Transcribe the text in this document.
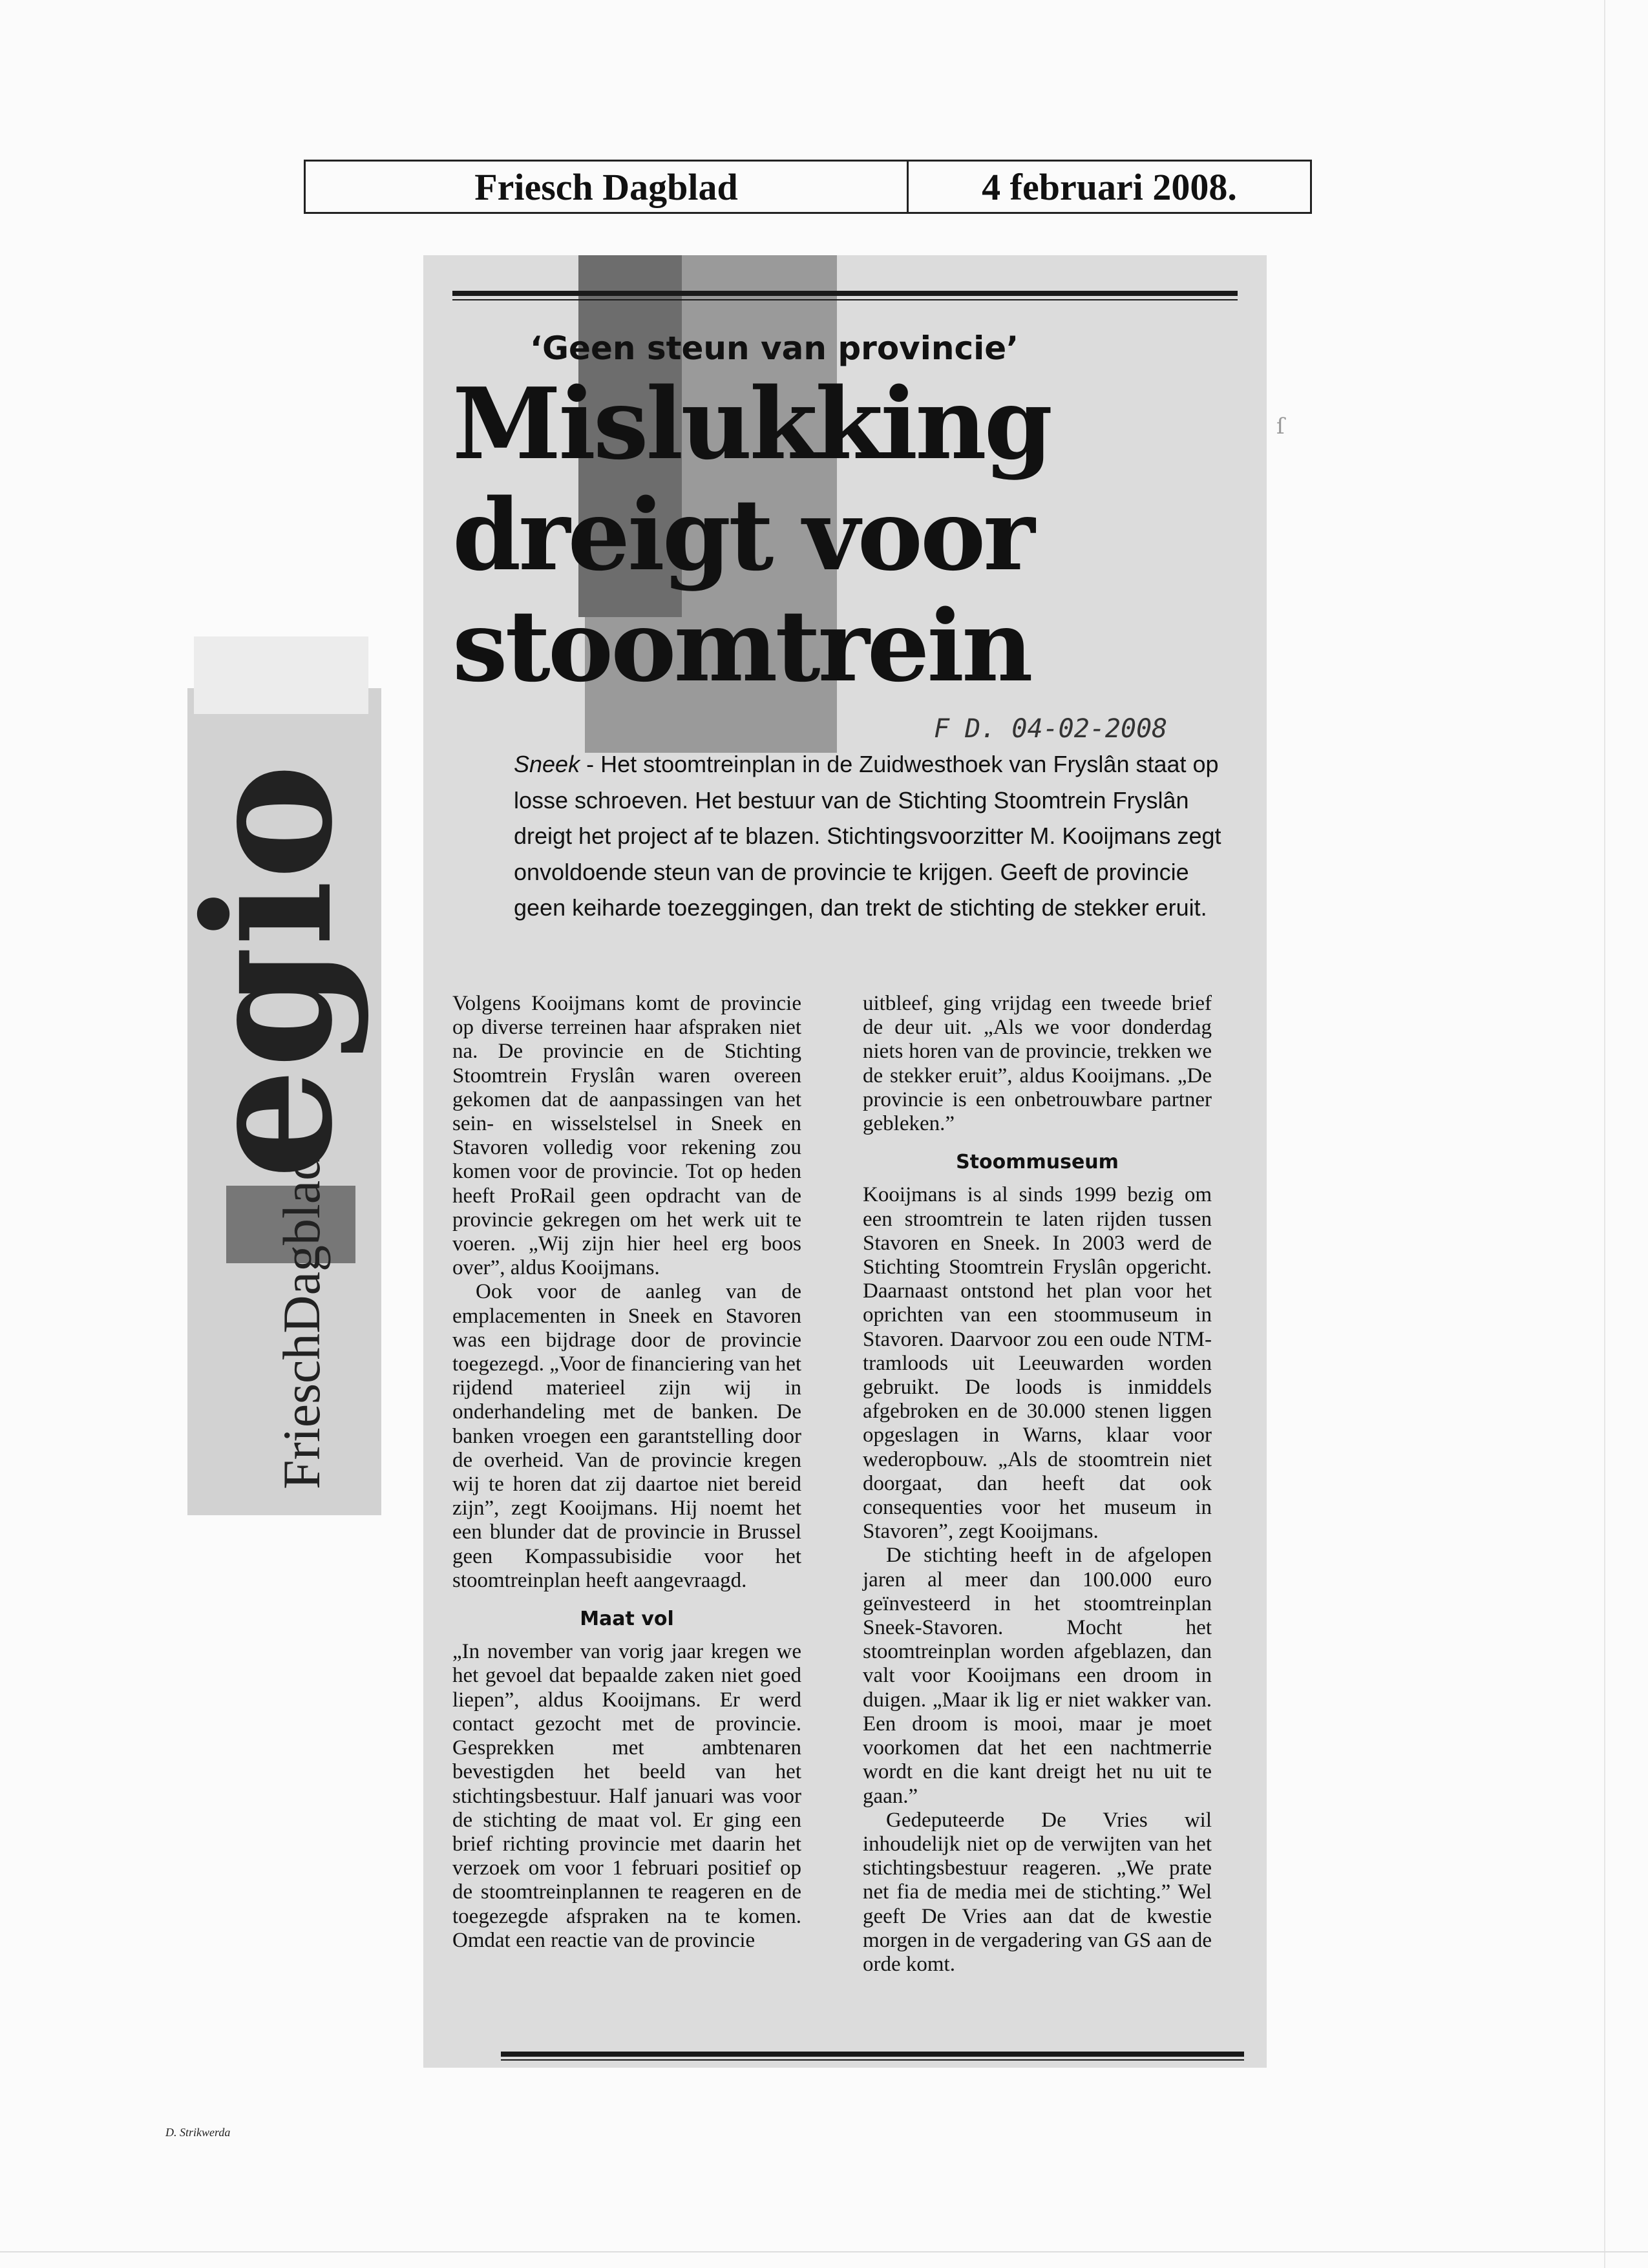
Friesch Dagblad	4 februari 2008.
FrieschDagblad
egio
‘Geen steun van provincie’
Mislukking
dreigt voor
stoomtrein
F D. 04-02-2008
Sneek - Het stoomtreinplan in de Zuidwesthoek van Fryslân staat op losse schroeven. Het bestuur van de Stichting Stoomtrein Fryslân dreigt het project af te blazen. Stichtingsvoorzitter M. Kooijmans zegt onvoldoende steun van de provincie te krijgen. Geeft de provincie geen keiharde toezeggingen, dan trekt de stichting de stekker eruit.

Volgens Kooijmans komt de provincie op diverse terreinen haar afspraken niet na. De provincie en de Stichting Stoomtrein Fryslân waren overeen gekomen dat de aanpassingen van het sein- en wisselstelsel in Sneek en Stavoren volledig voor rekening zou komen voor de provincie. Tot op heden heeft ProRail geen opdracht van de provincie gekregen om het werk uit te voeren. „Wij zijn hier heel erg boos over”, aldus Kooijmans.

Ook voor de aanleg van de emplacementen in Sneek en Stavoren was een bijdrage door de provincie toegezegd. „Voor de financiering van het rijdend materieel zijn wij in onderhandeling met de banken. De banken vroegen een garantstelling door de overheid. Van de provincie kregen wij te horen dat zij daartoe niet bereid zijn”, zegt Kooijmans. Hij noemt het een blunder dat de provincie in Brussel geen Kompassubisidie voor het stoomtreinplan heeft aangevraagd.

Maat vol

„In november van vorig jaar kregen we het gevoel dat bepaalde zaken niet goed liepen”, aldus Kooijmans. Er werd contact gezocht met de provincie. Gesprekken met ambtenaren bevestigden het beeld van het stichtingsbestuur. Half januari was voor de stichting de maat vol. Er ging een brief richting provincie met daarin het verzoek om voor 1 februari positief op de stoomtreinplannen te reageren en de toegezegde afspraken na te komen. Omdat een reactie van de provincie

uitbleef, ging vrijdag een tweede brief de deur uit. „Als we voor donderdag niets horen van de provincie, trekken we de stekker eruit”, aldus Kooijmans. „De provincie is een onbetrouwbare partner gebleken.”

Stoommuseum

Kooijmans is al sinds 1999 bezig om een stroomtrein te laten rijden tussen Stavoren en Sneek. In 2003 werd de Stichting Stoomtrein Fryslân opgericht. Daarnaast ontstond het plan voor het oprichten van een stoommuseum in Stavoren. Daarvoor zou een oude NTM-tramloods uit Leeuwarden worden gebruikt. De loods is inmiddels afgebroken en de 30.000 stenen liggen opgeslagen in Warns, klaar voor wederopbouw. „Als de stoomtrein niet doorgaat, dan heeft dat ook consequenties voor het museum in Stavoren”, zegt Kooijmans.

De stichting heeft in de afgelopen jaren al meer dan 100.000 euro geïnvesteerd in het stoomtreinplan Sneek-Stavoren. Mocht het stoomtreinplan worden afgeblazen, dan valt voor Kooijmans een droom in duigen. „Maar ik lig er niet wakker van. Een droom is mooi, maar je moet voorkomen dat het een nachtmerrie wordt en die kant dreigt het nu uit te gaan.”

Gedeputeerde De Vries wil inhoudelijk niet op de verwijten van het stichtingsbestuur reageren. „We prate net fia de media mei de stichting.” Wel geeft De Vries aan dat de kwestie morgen in de vergadering van GS aan de orde komt.

ſ
D. Strikwerda
